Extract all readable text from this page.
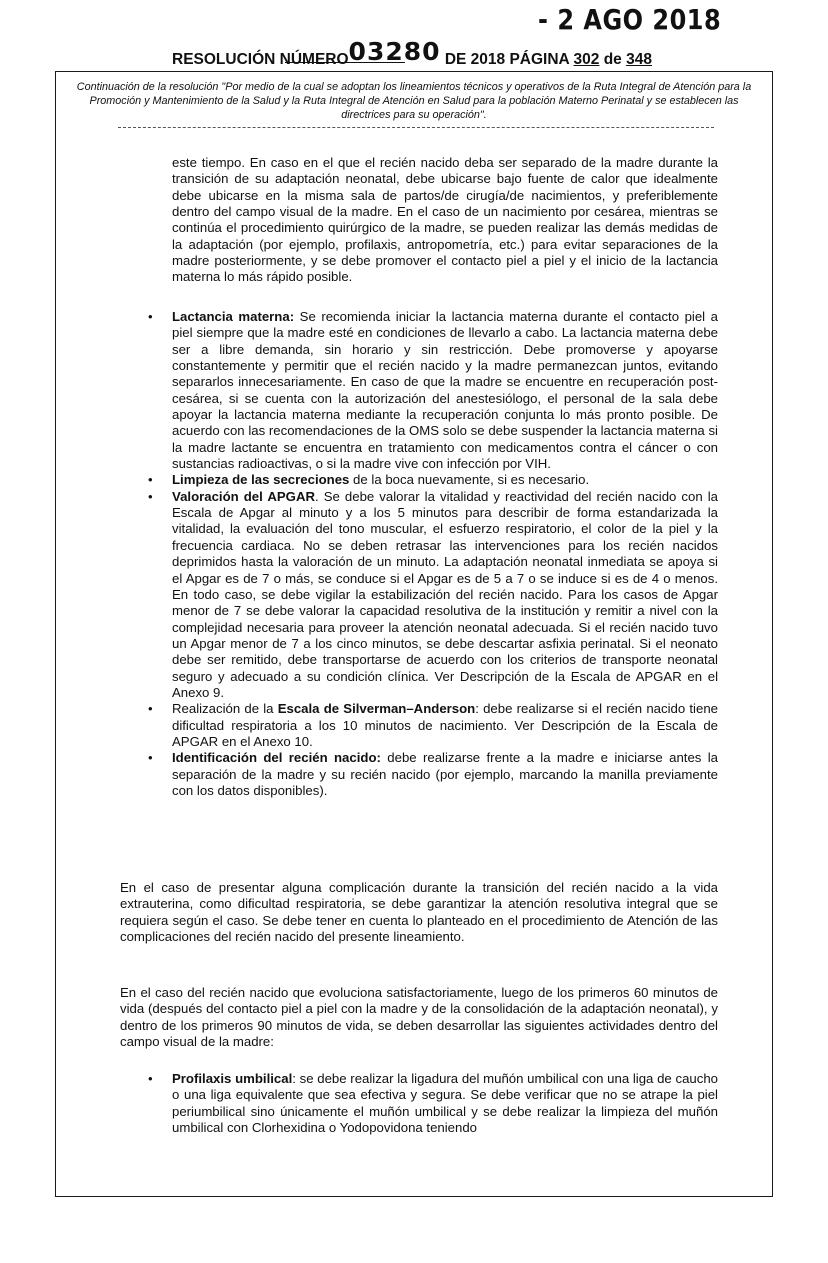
- 2 AGO 2018
RESOLUCIÓN NÚMERO03280 DE 2018 PÁGINA 302 de 348
Continuación de la resolución "Por medio de la cual se adoptan los lineamientos técnicos y operativos de la Ruta Integral de Atención para la Promoción y Mantenimiento de la Salud y la Ruta Integral de Atención en Salud para la población Materno Perinatal y se establecen las directrices para su operación".
este tiempo. En caso en el que el recién nacido deba ser separado de la madre durante la transición de su adaptación neonatal, debe ubicarse bajo fuente de calor que idealmente debe ubicarse en la misma sala de partos/de cirugía/de nacimientos, y preferiblemente dentro del campo visual de la madre. En el caso de un nacimiento por cesárea, mientras se continúa el procedimiento quirúrgico de la madre, se pueden realizar las demás medidas de la adaptación (por ejemplo, profilaxis, antropometría, etc.) para evitar separaciones de la madre posteriormente, y se debe promover el contacto piel a piel y el inicio de la lactancia materna lo más rápido posible.
•	Lactancia materna: Se recomienda iniciar la lactancia materna durante el contacto piel a piel siempre que la madre esté en condiciones de llevarlo a cabo. La lactancia materna debe ser a libre demanda, sin horario y sin restricción. Debe promoverse y apoyarse constantemente y permitir que el recién nacido y la madre permanezcan juntos, evitando separarlos innecesariamente. En caso de que la madre se encuentre en recuperación post-cesárea, si se cuenta con la autorización del anestesiólogo, el personal de la sala debe apoyar la lactancia materna mediante la recuperación conjunta lo más pronto posible. De acuerdo con las recomendaciones de la OMS solo se debe suspender la lactancia materna si la madre lactante se encuentra en tratamiento con medicamentos contra el cáncer o con sustancias radioactivas, o si la madre vive con infección por VIH.
•	Limpieza de las secreciones de la boca nuevamente, si es necesario.
•	Valoración del APGAR. Se debe valorar la vitalidad y reactividad del recién nacido con la Escala de Apgar al minuto y a los 5 minutos para describir de forma estandarizada la vitalidad, la evaluación del tono muscular, el esfuerzo respiratorio, el color de la piel y la frecuencia cardiaca. No se deben retrasar las intervenciones para los recién nacidos deprimidos hasta la valoración de un minuto. La adaptación neonatal inmediata se apoya si el Apgar es de 7 o más, se conduce si el Apgar es de 5 a 7 o se induce si es de 4 o menos. En todo caso, se debe vigilar la estabilización del recién nacido. Para los casos de Apgar menor de 7 se debe valorar la capacidad resolutiva de la institución y remitir a nivel con la complejidad necesaria para proveer la atención neonatal adecuada. Si el recién nacido tuvo un Apgar menor de 7 a los cinco minutos, se debe descartar asfixia perinatal. Si el neonato debe ser remitido, debe transportarse de acuerdo con los criterios de transporte neonatal seguro y adecuado a su condición clínica. Ver Descripción de la Escala de APGAR en el Anexo 9.
•	Realización de la Escala de Silverman–Anderson: debe realizarse si el recién nacido tiene dificultad respiratoria a los 10 minutos de nacimiento. Ver Descripción de la Escala de APGAR en el Anexo 10.
•	Identificación del recién nacido: debe realizarse frente a la madre e iniciarse antes la separación de la madre y su recién nacido (por ejemplo, marcando la manilla previamente con los datos disponibles).
En el caso de presentar alguna complicación durante la transición del recién nacido a la vida extrauterina, como dificultad respiratoria, se debe garantizar la atención resolutiva integral que se requiera según el caso. Se debe tener en cuenta lo planteado en el procedimiento de Atención de las complicaciones del recién nacido del presente lineamiento.
En el caso del recién nacido que evoluciona satisfactoriamente, luego de los primeros 60 minutos de vida (después del contacto piel a piel con la madre y de la consolidación de la adaptación neonatal), y dentro de los primeros 90 minutos de vida, se deben desarrollar las siguientes actividades dentro del campo visual de la madre:
•	Profilaxis umbilical: se debe realizar la ligadura del muñón umbilical con una liga de caucho o una liga equivalente que sea efectiva y segura. Se debe verificar que no se atrape la piel periumbilical sino únicamente el muñón umbilical y se debe realizar la limpieza del muñón umbilical con Clorhexidina o Yodopovidona teniendo
